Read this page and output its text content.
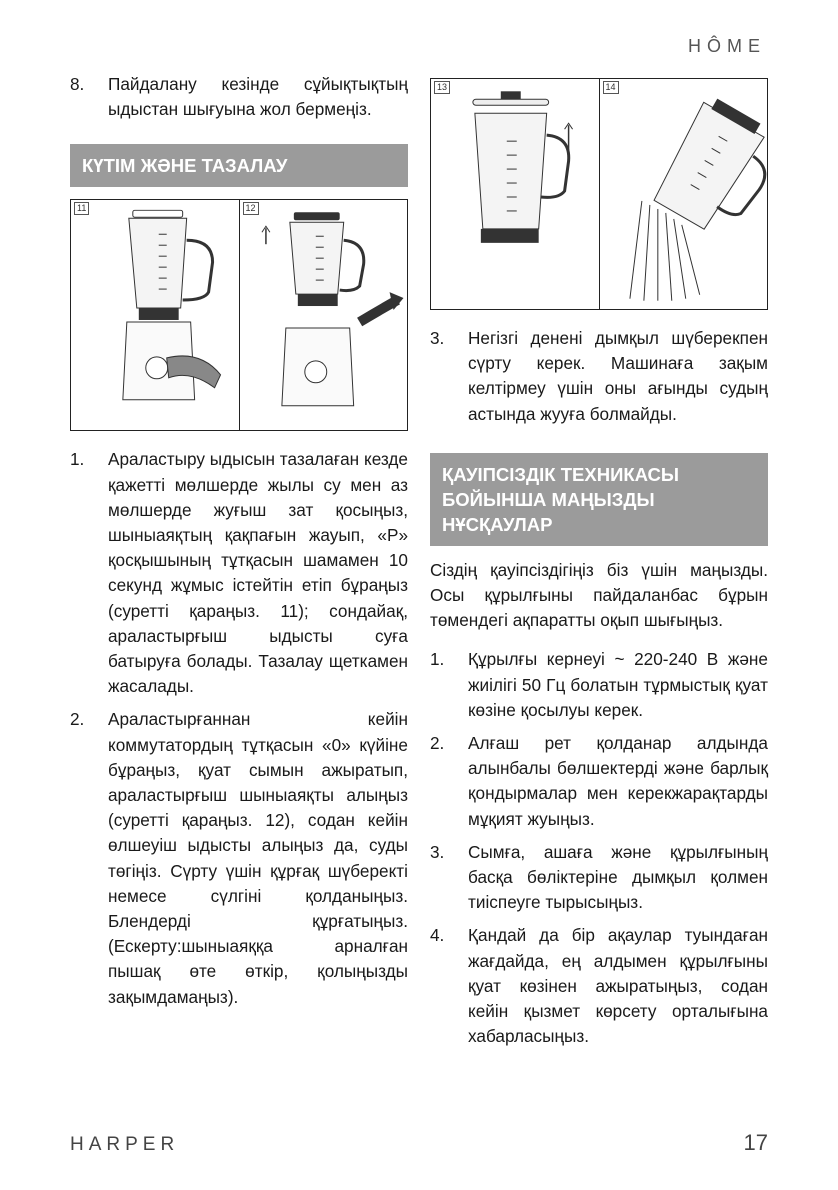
HÔME
8. Пайдалану кезінде сұйықтықтың ыдыстан шығуына жол бермеңіз.
КҮТІМ ЖӘНЕ ТАЗАЛАУ
11	12
1. Араластыру ыдысын тазалаған кезде қажетті мөлшерде жылы су мен аз мөлшерде жуғыш зат қосыңыз, шыныаяқтың қақпағын жауып, «P» қосқышының тұтқасын шамамен 10 секунд жұмыс істейтін етіп бұраңыз (суретті қараңыз. 11); сондайақ, араластырғыш ыдысты суға батыруға болады. Тазалау щеткамен жасалады.
2. Араластырғаннан кейін коммутатордың тұтқасын «0» күйіне бұраңыз, қуат сымын ажыратып, араластырғыш шыныаяқты алыңыз (суретті қараңыз. 12), содан кейін өлшеуіш ыдысты алыңыз да, суды төгіңіз. Сүрту үшін құрғақ шүберекті немесе сүлгіні қолданыңыз. Блендерді құрғатыңыз. (Ескерту:шыныаяққа арналған пышақ өте өткір, қолыңызды зақымдамаңыз).
13	14
3. Негізгі денені дымқыл шүберекпен сүрту керек. Машинаға зақым келтірмеу үшін оны ағынды судың астында жууға болмайды.
ҚАУІПСІЗДІК ТЕХНИКАСЫ БОЙЫНША МАҢЫЗДЫ НҰСҚАУЛАР

Сіздің қауіпсіздігіңіз біз үшін маңызды. Осы құрылғыны пайдаланбас бұрын төмендегі ақпаратты оқып шығыңыз.

1. Құрылғы кернеуі ~ 220-240 В және жиілігі 50 Гц болатын тұрмыстық қуат көзіне қосылуы керек.
2. Алғаш рет қолданар алдында алынбалы бөлшектерді және барлық қондырмалар мен керекжарақтарды мұқият жуыңыз.
3. Сымға, ашаға және құрылғының басқа бөліктеріне дымқыл қолмен тиіспеуге тырысыңыз.
4. Қандай да бір ақаулар туындаған жағдайда, ең алдымен құрылғыны қуат көзінен ажыратыңыз, содан кейін қызмет көрсету орталығына хабарласыңыз.
HARPER	17
